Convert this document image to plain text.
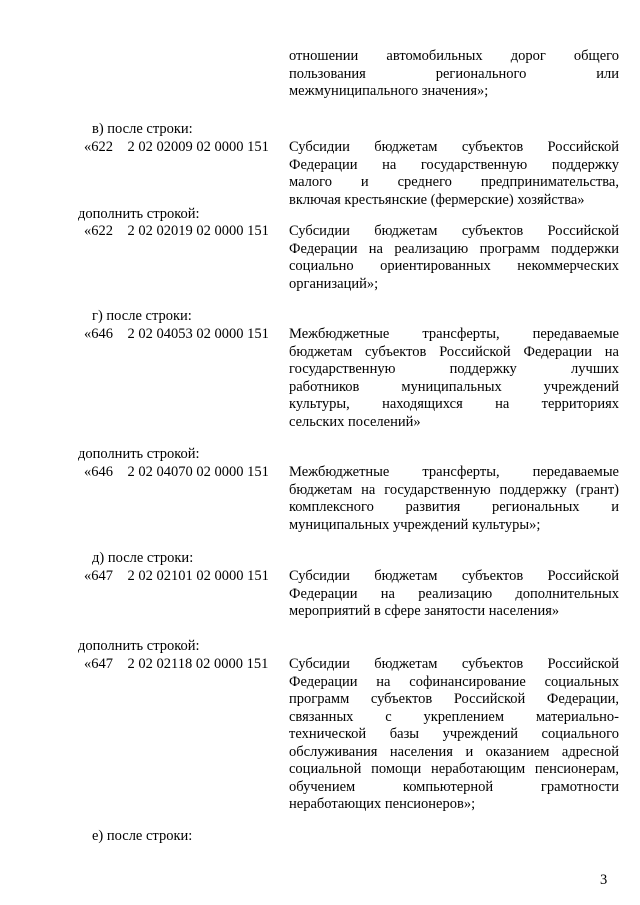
отношении автомобильных дорог общего
пользования регионального или
межмуниципального значения»;
в) после строки:
«622    2 02 02009 02 0000 151 Субсидии бюджетам субъектов Российской
Федерации на государственную поддержку
малого и среднего предпринимательства,
включая крестьянские (фермерские) хозяйства»
дополнить строкой:
«622    2 02 02019 02 0000 151 Субсидии бюджетам субъектов Российской
Федерации на реализацию программ поддержки
социально ориентированных некоммерческих
организаций»;
г) после строки:
«646    2 02 04053 02 0000 151 Межбюджетные трансферты, передаваемые
бюджетам субъектов Российской Федерации на
государственную поддержку лучших
работников муниципальных учреждений
культуры, находящихся на территориях
сельских поселений»
дополнить строкой:
«646    2 02 04070 02 0000 151 Межбюджетные трансферты, передаваемые
бюджетам на государственную поддержку (грант)
комплексного развития региональных и
муниципальных учреждений культуры»;
д) после строки:
«647    2 02 02101 02 0000 151 Субсидии бюджетам субъектов Российской
Федерации на реализацию дополнительных
мероприятий в сфере занятости населения»
дополнить строкой:
«647    2 02 02118 02 0000 151 Субсидии бюджетам субъектов Российской
Федерации на софинансирование социальных
программ субъектов Российской Федерации,
связанных с укреплением материально-
технической базы учреждений социального
обслуживания населения и оказанием адресной
социальной помощи неработающим пенсионерам,
обучением компьютерной грамотности
неработающих пенсионеров»;
е) после строки:
3
